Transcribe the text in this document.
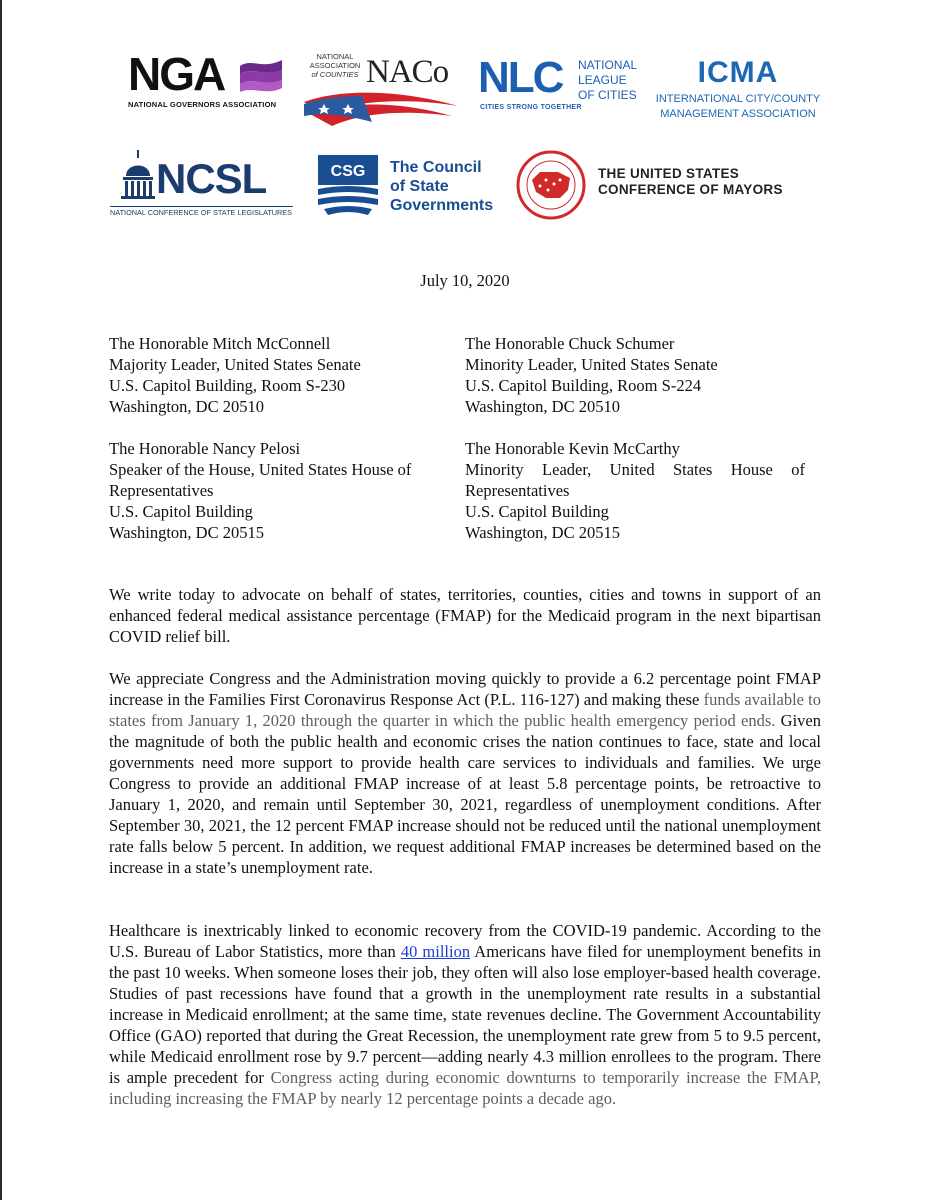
NGA
NATIONAL GOVERNORS ASSOCIATION
NATIONAL
ASSOCIATION
of COUNTIES NACo NLC NATIONAL
LEAGUE
OF CITIES
CITIES STRONG TOGETHER
ICMA
INTERNATIONAL CITY/COUNTY
MANAGEMENT ASSOCIATION
NCSL
NATIONAL CONFERENCE OF STATE LEGISLATURES
CSG The Council
of State
Governments
THE UNITED STATES
CONFERENCE OF MAYORS
July 10, 2020
The Honorable Mitch McConnell
Majority Leader, United States Senate
U.S. Capitol Building, Room S-230
Washington, DC 20510
The Honorable Chuck Schumer
Minority Leader, United States Senate
U.S. Capitol Building, Room S-224
Washington, DC 20510
The Honorable Nancy Pelosi
Speaker of the House, United States House of
Representatives
U.S. Capitol Building
Washington, DC 20515
The Honorable Kevin McCarthy
Minority Leader, United States House of
Representatives
U.S. Capitol Building
Washington, DC 20515
We write today to advocate on behalf of states, territories, counties, cities and towns in support of an enhanced federal medical assistance percentage (FMAP) for the Medicaid program in the next bipartisan COVID relief bill.
We appreciate Congress and the Administration moving quickly to provide a 6.2 percentage point FMAP increase in the Families First Coronavirus Response Act (P.L. 116-127) and making these funds available to states from January 1, 2020 through the quarter in which the public health emergency period ends. Given the magnitude of both the public health and economic crises the nation continues to face, state and local governments need more support to provide health care services to individuals and families. We urge Congress to provide an additional FMAP increase of at least 5.8 percentage points, be retroactive to January 1, 2020, and remain until September 30, 2021, regardless of unemployment conditions. After September 30, 2021, the 12 percent FMAP increase should not be reduced until the national unemployment rate falls below 5 percent. In addition, we request additional FMAP increases be determined based on the increase in a state’s unemployment rate.
Healthcare is inextricably linked to economic recovery from the COVID-19 pandemic. According to the U.S. Bureau of Labor Statistics, more than 40 million Americans have filed for unemployment benefits in the past 10 weeks. When someone loses their job, they often will also lose employer-based health coverage. Studies of past recessions have found that a growth in the unemployment rate results in a substantial increase in Medicaid enrollment; at the same time, state revenues decline. The Government Accountability Office (GAO) reported that during the Great Recession, the unemployment rate grew from 5 to 9.5 percent, while Medicaid enrollment rose by 9.7 percent—adding nearly 4.3 million enrollees to the program. There is ample precedent for Congress acting during economic downturns to temporarily increase the FMAP, including increasing the FMAP by nearly 12 percentage points a decade ago.
